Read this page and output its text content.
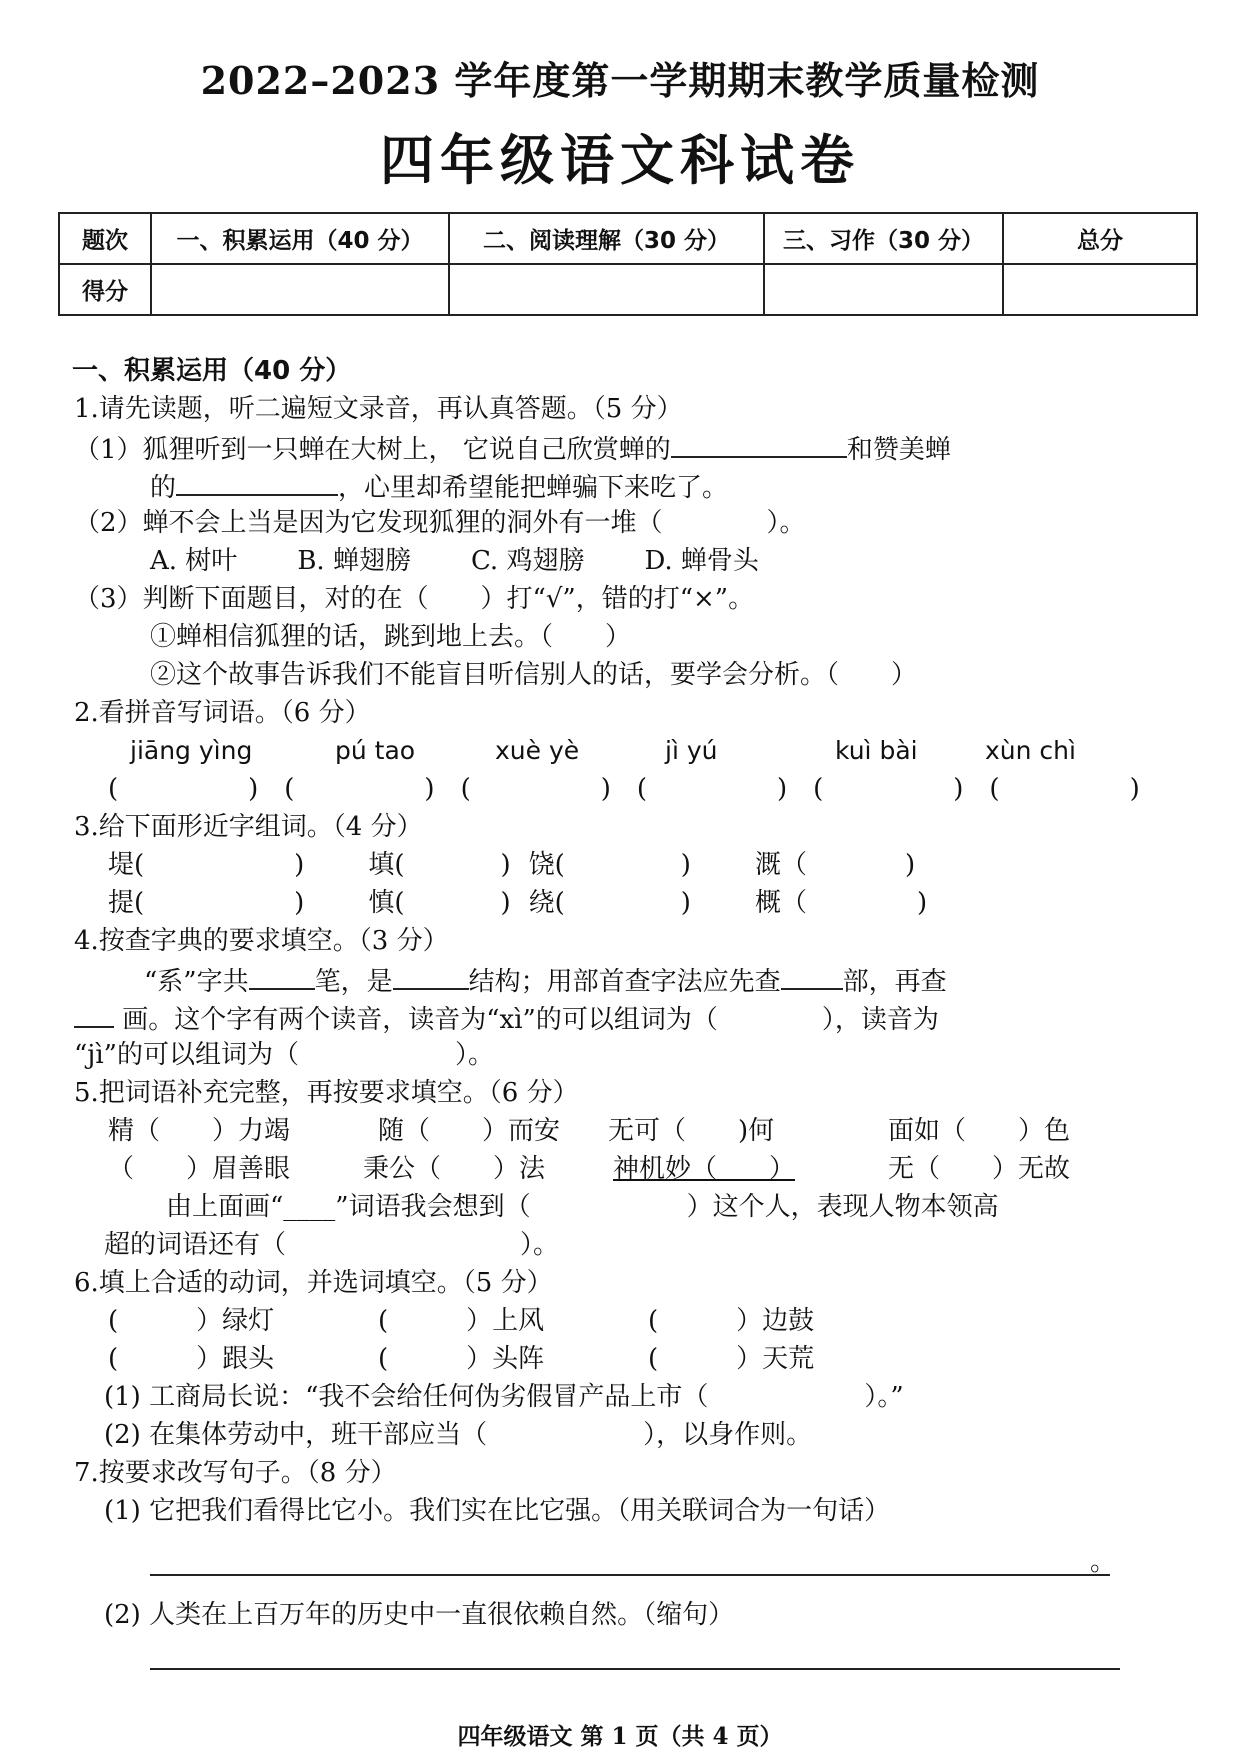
2022–2023 学年度第一学期期末教学质量检测
四年级语文科试卷
题次	一、积累运用（40 分）	二、阅读理解（30 分）	三、习作（30 分）	总分
得分				
一、积累运用（40 分）
1.请先读题，听二遍短文录音，再认真答题。（5 分）
（1）狐狸听到一只蝉在大树上， 它说自己欣赏蝉的	和赞美蝉
的	，心里却希望能把蝉骗下来吃了。
（2）蝉不会上当是因为它发现狐狸的洞外有一堆（　　　　）。
A. 树叶 B. 蝉翅膀 C. 鸡翅膀 D. 蝉骨头
（3）判断下面题目，对的在（　　）打“√”，错的打“×”。
①蝉相信狐狸的话，跳到地上去。（　　）
②这个故事告诉我们不能盲目听信别人的话，要学会分析。（　　）
2.看拼音写词语。（6 分）
jiāng yìng	pú tao	xuè yè	jì yú	kuì bài	xùn chì
(　　　　　)　(　　　　　)　(　　　　　)　(　　　　　)　(　　　　　)　(　　　　　)
3.给下面形近字组词。（4 分）
堤(	) 填(	) 饶(	) 溉（	)
提(	) 慎(	) 绕(	) 概（	)
4.按查字典的要求填空。（3 分）
“系”字共	笔，是	结构；用部首查字法应先查 部，再查
画。这个字有两个读音，读音为“xì”的可以组词为（　　　　），读音为
“jì”的可以组词为（　　　　　　）。
5.把词语补充完整，再按要求填空。（6 分）
精（　　）力竭	随（　　）而安 无可（　　)何	面如（　　）色
（　　）眉善眼	秉公（　　）法	神机妙（　　）	无（　　）无故
由上面画“____”词语我会想到（　　　　　　）这个人，表现人物本领高
超的词语还有（　　　　　　　　　）。
6.填上合适的动词，并选词填空。（5 分）
(　　　）绿灯	(　　　）上风	(　　　）边鼓
(　　　）跟头	(　　　）头阵	(　　　）天荒
(1) 工商局长说：“我不会给任何伪劣假冒产品上市（　　　　　　）。”
(2) 在集体劳动中，班干部应当（　　　　　　），以身作则。
7.按要求改写句子。（8 分）
(1) 它把我们看得比它小。我们实在比它强。（用关联词合为一句话）
。
(2) 人类在上百万年的历史中一直很依赖自然。（缩句）
四年级语文 第 1 页（共 4 页）
